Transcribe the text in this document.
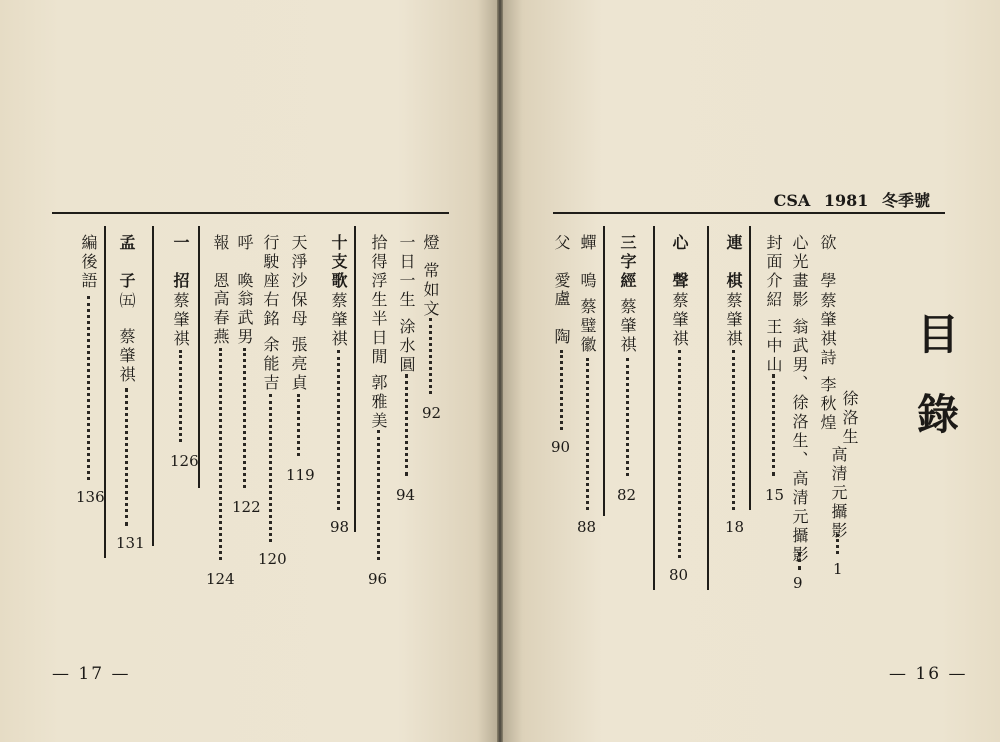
燈
常如文
92
一日一生
涂水圓
94
拾得浮生半日閒
郭雅美
96
十支歌
蔡肇祺
98
天淨沙保母
張亮貞
119
行駛座右銘
余能吉
120
呼　喚
翁武男
122
報　恩
高春燕
124
一　招
蔡肇祺
126
孟　子
㈤
蔡肇祺
131
編後語
136
— 17 —
CSA 1981 冬季號
目錄
欲　學
蔡肇祺詩
徐洛生
李秋煌
高清元攝影
1
心光畫影
翁武男、徐洛生、高清元攝影
9
封面介紹
王中山
15
連　棋
蔡肇祺
18
心　聲
蔡肇祺
80
三字經
蔡肇祺
82
蟬　鳴
蔡璧徽
88
父　愛
盧　陶
90
— 16 —
